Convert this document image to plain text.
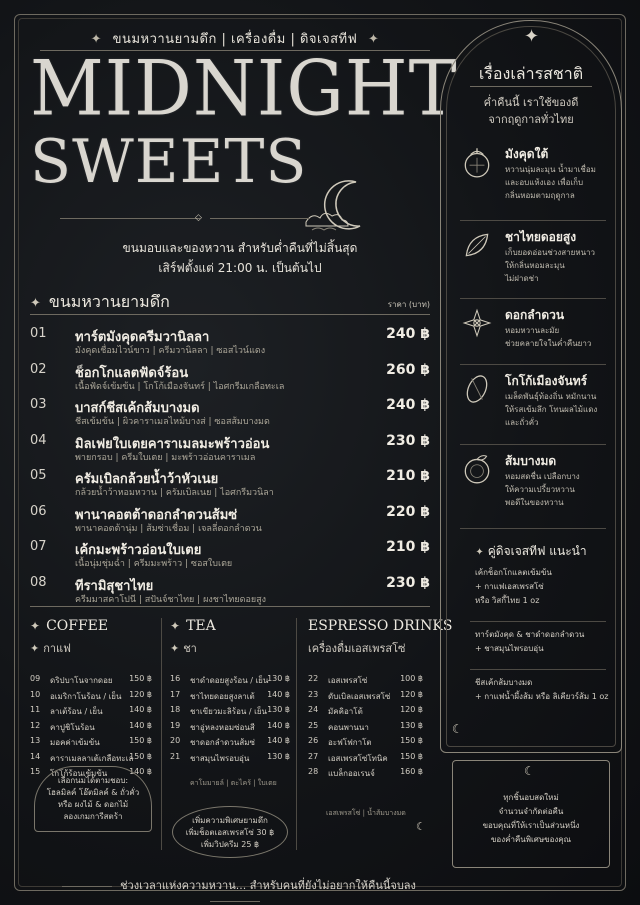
✦ ขนมหวานยามดึก | เครื่องดื่ม | ดิจเจสทีฟ ✦
MIDNIGHT
SWEETS
◇
ขนมอบและของหวาน สำหรับค่ำคืนที่ไม่สิ้นสุด
เสิร์ฟตั้งแต่ 21:00 น. เป็นต้นไป
✦ ขนมหวานยามดึก	ราคา (บาท)
01 ทาร์ตมังคุดครีมวานิลลา
มังคุดเชื่อมไวน์ขาว | ครีมวานิลลา | ซอสไวน์แดง
240 ฿
02 ช็อกโกแลตฟัดจ์ร้อน
เนื้อฟัดจ์เข้มข้น | โกโก้เมืองจันทร์ | ไอศกรีมเกลือทะเล
260 ฿
03 บาสก์ชีสเค้กส้มบางมด
ชีสเข้มข้น | ผิวคาราเมลไหม้บางส่ | ซอสส้มบางมด
240 ฿
04 มิลเฟยใบเตยคาราเมลมะพร้าวอ่อน
พายกรอบ | ครีมใบเตย | มะพร้าวอ่อนคาราเมล
230 ฿
05 ครัมเบิลกล้วยน้ำว้าหัวเนย
กล้วยน้ำว้าหอมหวาน | ครัมเบิลเนย | ไอศกรีมวนิลา
210 ฿
06 พานาคอตต้าดอกลำดวนส้มซ่
พานาคอตต้านุ่ม | ส้มซ่าเชื่อม | เจลลี่ดอกลำดวน
220 ฿
07 เค้กมะพร้าวอ่อนใบเตย
เนื้อนุ่มชุ่มฉ่ำ | ครีมมะพร้าว | ซอสใบเตย
210 ฿
08 ทีรามิสุชาไทย
ครีมมาสคาโปนี | สปันจ์ชาไทย | ผงชาไทยดอยสูง
230 ฿
✦ COFFEE
✦ กาแฟ
09 ดริปบาโนจากดอย 150 ฿
10 อเมริกาโนร้อน / เย็น 120 ฿
11 ลาเต้ร้อน / เย็น	140 ฿
12 คาปูชิโนร้อน	140 ฿
13 มอคค่าเข้มข้น	150 ฿
14 คาราเมลลาเต้เกลือทะเล
150 ฿
15 โกโก้ร้อนเข้มข้น	140 ฿
เลือกนมได้ตามชอบ:
โฮลมิลค์ โอ๊ตมิลค์ & ถั่วคั่ว
หรือ ผงไม้ & ดอกไม้
ลองเกมการีสตร้า
✦ TEA
✦ ชา
16 ชาดำดอยสูงร้อน / เย็น
130 ฿
17 ชาไทยดอยสูงลาเต้ 140 ฿
18 ชาเขียวมะลิร้อน / เย็น 130 ฿
19 ชาอู่หลงหอมซ่อนสี 140 ฿
20 ชาดอกลำดวนส้มซ่ 140 ฿
21 ชาสมุนไพรอบอุ่น 130 ฿
คาโมมายล์ | ตะไคร้ | ใบเตย
เพิ่มความพิเศษยามดึก
เพิ่มช็อตเอสเพรสโซ่ 30 ฿
เพิ่มวิปครีม 25 ฿
ESPRESSO DRINKS
เครื่องดื่มเอสเพรสโซ่
22 เอสเพรสโซ่	100 ฿
23 ดับเบิลเอสเพรสโซ่ 120 ฿
24 มัคคิอาโต้	120 ฿
25 คอนพานนา	130 ฿
26 อะฟโฟกาโต	150 ฿
27 เอสเพรสโซ่โทนิค 150 ฿
28 แบล็กออเรนจ์	160 ฿
เอสเพรสโซ่ | น้ำส้มบางมด
☾
ช่วงเวลาแห่งความหวาน... สำหรับคนที่ยังไม่อยากให้คืนนี้จบลง
✦
เรื่องเล่ารสชาติ
ค่ำคืนนี้ เราใช้ของดี
จากฤดูกาลทั่วไทย
มังคุดใต้
หวานนุ่มละมุน น้ำมาเชื่อม
และอบแห้งเอง เพื่อเก็บ
กลิ่นหอมตามฤดูกาล
ชาไทยดอยสูง
เก็บยอดอ่อนช่วงสายหนาว
ให้กลิ่นหอมละมุน
ไม่ฝาดช่า
ดอกลำดวน
หอมหวานละมัย
ช่วยคลายใจในค่ำคืนยาว
โกโก้เมืองจันทร์
เมล็ดพันธุ์ท้องถิ่น หมักนาน
ให้รสเข้มลึก โทนผลไม้แดง
และถั่วคั่ว
ส้มบางมด
หอมสดชื่น เปลือกบาง
ให้ความเปรี้ยวหวาน
พอดีในของหวาน
✦ คู่ดิจเจสทีฟ แนะนำ
เค้กช็อกโกแลตเข้มข้น
+ กาแฟเอสเพรสโซ่
หรือ วิสกี้ไทย 1 oz
ทาร์ตมังคุด & ชาดำดอกลำดวน
+ ชาสมุนไพรอบอุ่น
ชีสเค้กส้มบางมด
+ กาแฟน้ำผึ้งส้ม หรือ ลิเคียวร์ส้ม 1 oz
☾
ทุกชิ้นอบสดใหม่
จำนวนจำกัดต่อคืน
ขอบคุณที่ให้เราเป็นส่วนหนึ่ง
ของค่ำคืนพิเศษของคุณ
☾
